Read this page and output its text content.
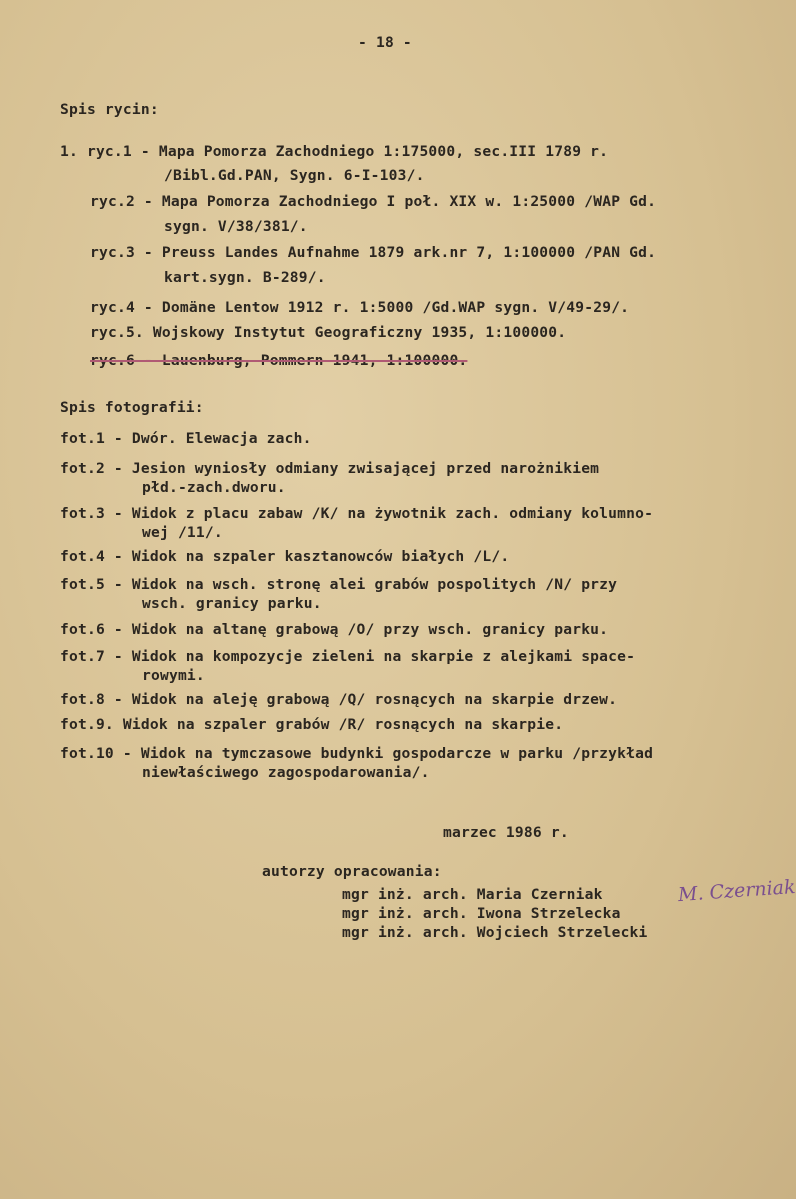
- 18 -
Spis rycin:
1. ryc.1 - Mapa Pomorza Zachodniego 1:175000, sec.III 1789 r.
/Bibl.Gd.PAN, Sygn. 6-I-103/.
ryc.2 - Mapa Pomorza Zachodniego I poł. XIX w. 1:25000 /WAP Gd.
sygn. V/38/381/.
ryc.3 - Preuss Landes Aufnahme 1879 ark.nr 7, 1:100000 /PAN Gd.
kart.sygn. B-289/.
ryc.4 - Domäne Lentow 1912 r. 1:5000 /Gd.WAP sygn. V/49-29/.
ryc.5. Wojskowy Instytut Geograficzny 1935, 1:100000.
ryc.6 - Lauenburg, Pommern 1941, 1:100000.
Spis fotografii:
fot.1 - Dwór. Elewacja zach.
fot.2 - Jesion wyniosły odmiany zwisającej przed narożnikiem
płd.-zach.dworu.
fot.3 - Widok z placu zabaw /K/ na żywotnik zach. odmiany kolumno-
wej /11/.
fot.4 - Widok na szpaler kasztanowców białych /L/.
fot.5 - Widok na wsch. stronę alei grabów pospolitych /N/ przy
wsch. granicy parku.
fot.6 - Widok na altanę grabową /O/ przy wsch. granicy parku.
fot.7 - Widok na kompozycje zieleni na skarpie z alejkami space-
rowymi.
fot.8 - Widok na aleję grabową /Q/ rosnących na skarpie drzew.
fot.9. Widok na szpaler grabów /R/ rosnących na skarpie.
fot.10 - Widok na tymczasowe budynki gospodarcze w parku /przykład
niewłaściwego zagospodarowania/.
marzec 1986 r.
autorzy opracowania:
mgr inż. arch. Maria Czerniak
mgr inż. arch. Iwona Strzelecka
mgr inż. arch. Wojciech Strzelecki
M. Czerniak
